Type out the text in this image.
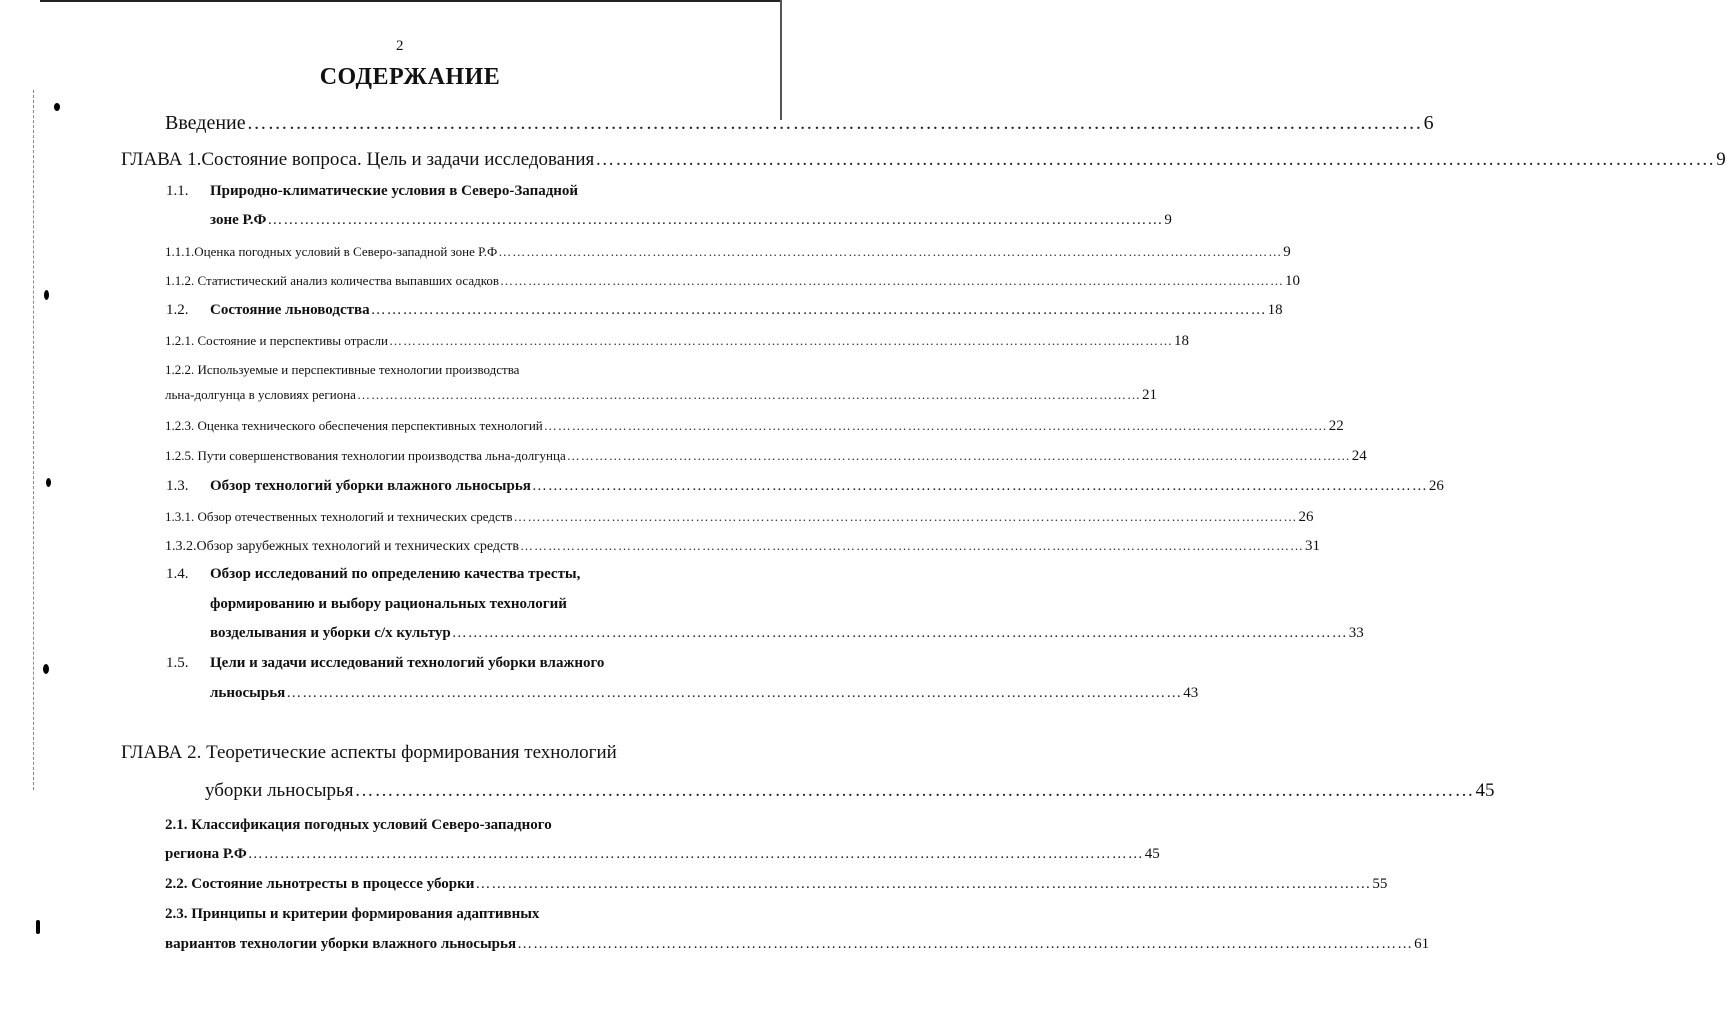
2
СОДЕРЖАНИЕ
Введение …………………………………………………………………………………………………………………………………………………… 6
ГЛАВА 1.Состояние вопроса. Цель и задачи исследования …………………………………………………………………………………………………………………………………………………… 9
1.1.	Природно-климатические условия в Северо-Западной
зоне Р.Ф …………………………………………………………………………………………………………………………………………………… 9
1.1.1.Оценка погодных условий в Северо-западной зоне Р.Ф …………………………………………………………………………………………………………………………………………………… 9
1.1.2. Статистический анализ количества выпавших осадков …………………………………………………………………………………………………………………………………………………… 10
1.2.	Состояние льноводства …………………………………………………………………………………………………………………………………………………… 18
1.2.1. Состояние и перспективы отрасли …………………………………………………………………………………………………………………………………………………… 18
1.2.2. Используемые и перспективные технологии производства
льна-долгунца в условиях региона …………………………………………………………………………………………………………………………………………………… 21
1.2.3. Оценка технического обеспечения перспективных технологий …………………………………………………………………………………………………………………………………………………… 22
1.2.5. Пути совершенствования технологии производства льна-долгунца …………………………………………………………………………………………………………………………………………………… 24
1.3.	Обзор технологий уборки влажного льносырья …………………………………………………………………………………………………………………………………………………… 26
1.3.1. Обзор отечественных технологий и технических средств …………………………………………………………………………………………………………………………………………………… 26
1.3.2.Обзор зарубежных технологий и технических средств …………………………………………………………………………………………………………………………………………………… 31
1.4.	Обзор исследований по определению качества тресты,
формированию и выбору рациональных технологий
возделывания и уборки с/х культур …………………………………………………………………………………………………………………………………………………… 33
1.5.	Цели и задачи исследований технологий уборки влажного
льносырья …………………………………………………………………………………………………………………………………………………… 43
ГЛАВА 2. Теоретические аспекты формирования технологий
уборки льносырья …………………………………………………………………………………………………………………………………………………… 45
2.1. Классификация погодных условий Северо-западного
региона Р.Ф …………………………………………………………………………………………………………………………………………………… 45
2.2. Состояние льнотресты в процессе уборки …………………………………………………………………………………………………………………………………………………… 55
2.3. Принципы и критерии формирования адаптивных
вариантов технологии уборки влажного льносырья …………………………………………………………………………………………………………………………………………………… 61
